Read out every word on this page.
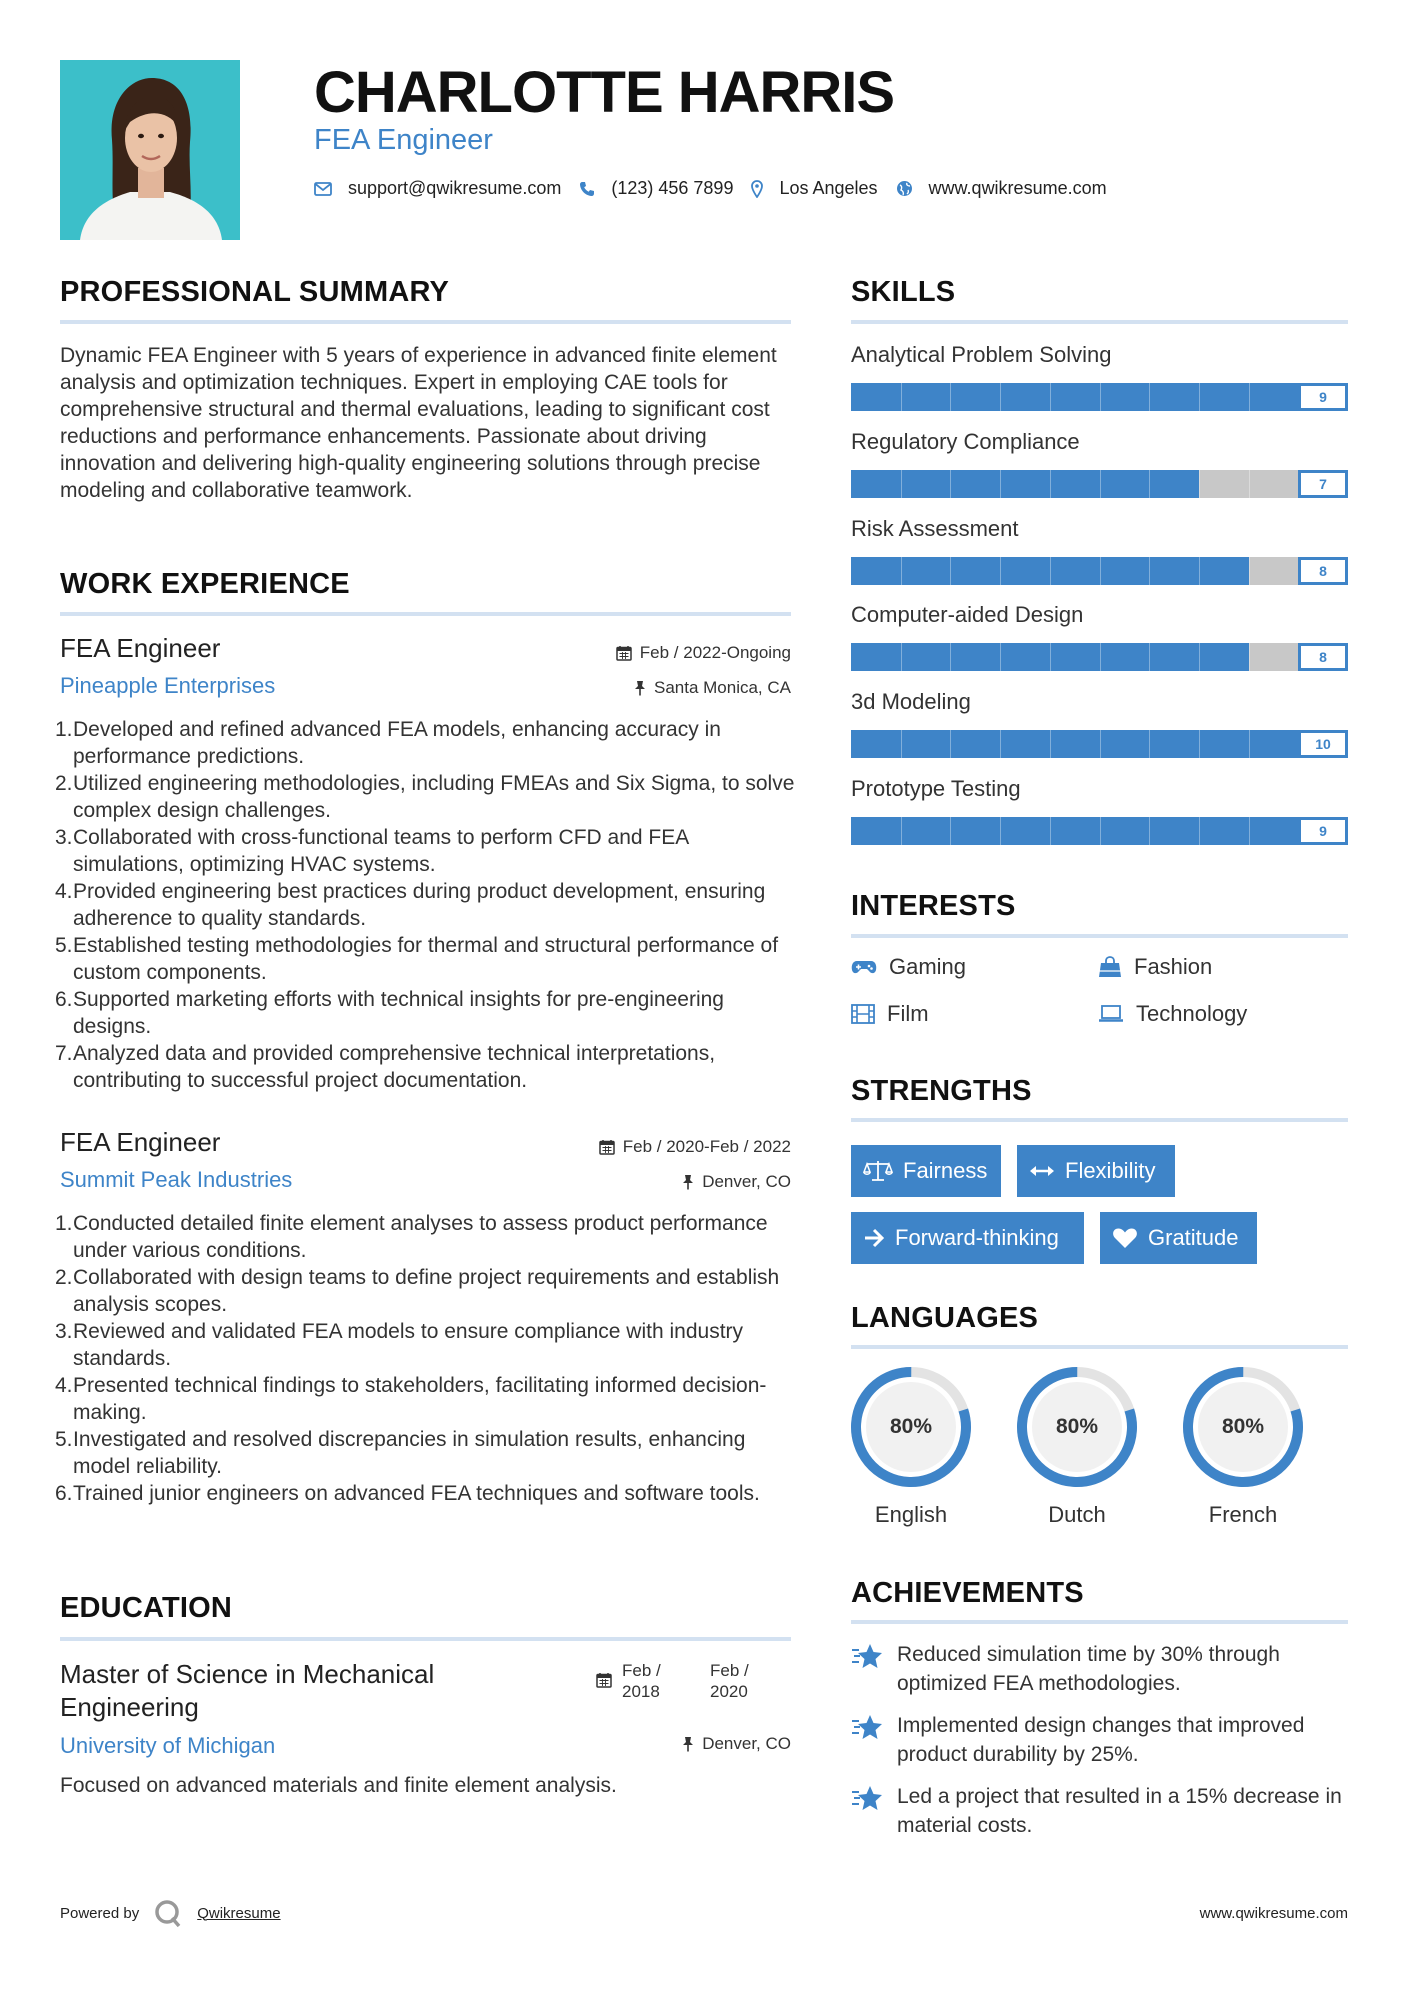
CHARLOTTE HARRIS
FEA Engineer
support@qwikresume.com	(123) 456 7899	Los Angeles	www.qwikresume.com
PROFESSIONAL SUMMARY
Dynamic FEA Engineer with 5 years of experience in advanced finite element analysis and optimization techniques. Expert in employing CAE tools for comprehensive structural and thermal evaluations, leading to significant cost reductions and performance enhancements. Passionate about driving innovation and delivering high-quality engineering solutions through precise modeling and collaborative teamwork.
WORK EXPERIENCE
FEA Engineer
Pineapple Enterprises
Feb / 2022-Ongoing
Santa Monica, CA
1. Developed and refined advanced FEA models, enhancing accuracy in performance predictions.
2. Utilized engineering methodologies, including FMEAs and Six Sigma, to solve complex design challenges.
3. Collaborated with cross-functional teams to perform CFD and FEA simulations, optimizing HVAC systems.
4. Provided engineering best practices during product development, ensuring adherence to quality standards.
5. Established testing methodologies for thermal and structural performance of custom components.
6. Supported marketing efforts with technical insights for pre-engineering designs.
7. Analyzed data and provided comprehensive technical interpretations, contributing to successful project documentation.
FEA Engineer
Summit Peak Industries
Feb / 2020-Feb / 2022
Denver, CO
1. Conducted detailed finite element analyses to assess product performance under various conditions.
2. Collaborated with design teams to define project requirements and establish analysis scopes.
3. Reviewed and validated FEA models to ensure compliance with industry standards.
4. Presented technical findings to stakeholders, facilitating informed decision-making.
5. Investigated and resolved discrepancies in simulation results, enhancing model reliability.
6. Trained junior engineers on advanced FEA techniques and software tools.
EDUCATION
Master of Science in Mechanical Engineering
University of Michigan
Feb / 2018
Feb / 2020
Denver, CO
Focused on advanced materials and finite element analysis.
SKILLS
Analytical Problem Solving
9
Regulatory Compliance
7
Risk Assessment
8
Computer-aided Design
8
3d Modeling
10
Prototype Testing
9
INTERESTS
Gaming	Fashion
Film	Technology
STRENGTHS
Fairness	Flexibility
Forward-thinking	Gratitude
LANGUAGES
80%
English
80%
Dutch
80%
French
ACHIEVEMENTS
Reduced simulation time by 30% through optimized FEA methodologies.
Implemented design changes that improved product durability by 25%.
Led a project that resulted in a 15% decrease in material costs.
Powered by	Qwikresume	www.qwikresume.com
